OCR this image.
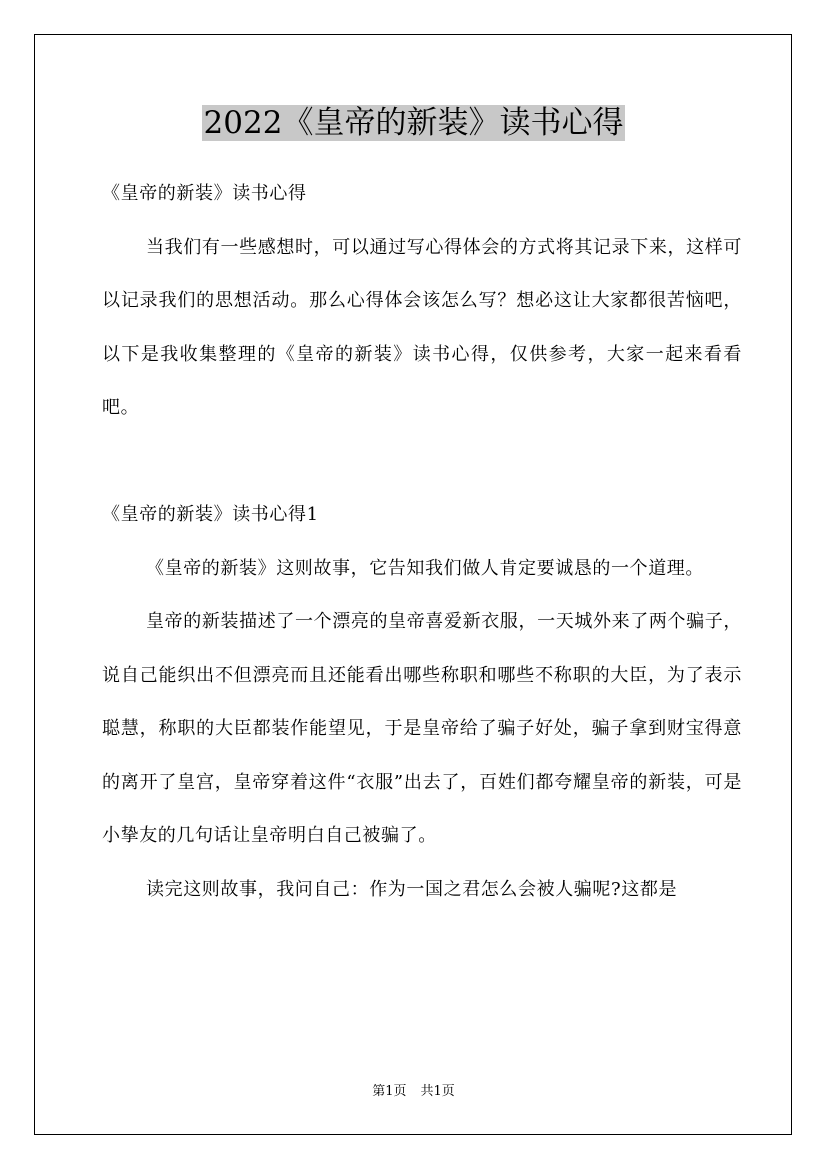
2022《皇帝的新装》读书心得

《皇帝的新装》读书心得

当我们有一些感想时，可以通过写心得体会的方式将其记录下来，这样可以记录我们的思想活动。那么心得体会该怎么写？想必这让大家都很苦恼吧，以下是我收集整理的《皇帝的新装》读书心得，仅供参考，大家一起来看看吧。

《皇帝的新装》读书心得1

《皇帝的新装》这则故事，它告知我们做人肯定要诚恳的一个道理。

皇帝的新装描述了一个漂亮的皇帝喜爱新衣服，一天城外来了两个骗子，说自己能织出不但漂亮而且还能看出哪些称职和哪些不称职的大臣，为了表示聪慧，称职的大臣都装作能望见，于是皇帝给了骗子好处，骗子拿到财宝得意的离开了皇宫，皇帝穿着这件“衣服”出去了，百姓们都夸耀皇帝的新装，可是小挚友的几句话让皇帝明白自己被骗了。

读完这则故事，我问自己：作为一国之君怎么会被人骗呢?这都是

第1页 共1页
